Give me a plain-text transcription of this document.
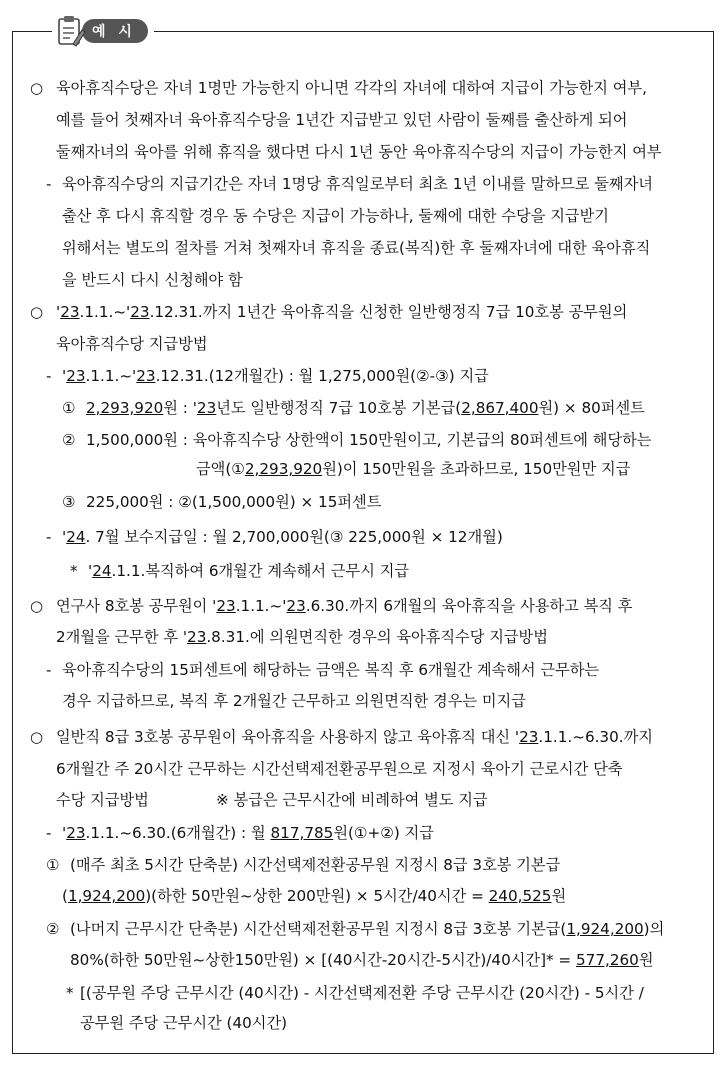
예 시
○ 육아휴직수당은 자녀 1명만 가능한지 아니면 각각의 자녀에 대하여 지급이 가능한지 여부,
예를 들어 첫째자녀 육아휴직수당을 1년간 지급받고 있던 사람이 둘째를 출산하게 되어
둘째자녀의 육아를 위해 휴직을 했다면 다시 1년 동안 육아휴직수당의 지급이 가능한지 여부
- 육아휴직수당의 지급기간은 자녀 1명당 휴직일로부터 최초 1년 이내를 말하므로 둘째자녀
출산 후 다시 휴직할 경우 동 수당은 지급이 가능하나, 둘째에 대한 수당을 지급받기
위해서는 별도의 절차를 거쳐 첫째자녀 휴직을 종료(복직)한 후 둘째자녀에 대한 육아휴직
을 반드시 다시 신청해야 함
○ '23.1.1.~'23.12.31.까지 1년간 육아휴직을 신청한 일반행정직 7급 10호봉 공무원의
육아휴직수당 지급방법
- '23.1.1.~'23.12.31.(12개월간) : 월 1,275,000원(②-③) 지급
① 2,293,920원 : '23년도 일반행정직 7급 10호봉 기본급(2,867,400원) × 80퍼센트
② 1,500,000원 : 육아휴직수당 상한액이 150만원이고, 기본급의 80퍼센트에 해당하는
금액(①2,293,920원)이 150만원을 초과하므로, 150만원만 지급
③ 225,000원 : ②(1,500,000원) × 15퍼센트
- '24. 7월 보수지급일 : 월 2,700,000원(③ 225,000원 × 12개월)
* '24.1.1.복직하여 6개월간 계속해서 근무시 지급
○ 연구사 8호봉 공무원이 '23.1.1.~'23.6.30.까지 6개월의 육아휴직을 사용하고 복직 후
2개월을 근무한 후 '23.8.31.에 의원면직한 경우의 육아휴직수당 지급방법
- 육아휴직수당의 15퍼센트에 해당하는 금액은 복직 후 6개월간 계속해서 근무하는
경우 지급하므로, 복직 후 2개월간 근무하고 의원면직한 경우는 미지급
○ 일반직 8급 3호봉 공무원이 육아휴직을 사용하지 않고 육아휴직 대신 '23.1.1.~6.30.까지
6개월간 주 20시간 근무하는 시간선택제전환공무원으로 지정시 육아기 근로시간 단축
수당 지급방법	※ 봉급은 근무시간에 비례하여 별도 지급
- '23.1.1.~6.30.(6개월간) : 월 817,785원(①+②) 지급
① (매주 최초 5시간 단축분) 시간선택제전환공무원 지정시 8급 3호봉 기본급
(1,924,200)(하한 50만원~상한 200만원) × 5시간/40시간 = 240,525원
② (나머지 근무시간 단축분) 시간선택제전환공무원 지정시 8급 3호봉 기본급(1,924,200)의
80%(하한 50만원~상한150만원) × [(40시간-20시간-5시간)/40시간]* = 577,260원
* [(공무원 주당 근무시간 (40시간) - 시간선택제전환 주당 근무시간 (20시간) - 5시간 /
공무원 주당 근무시간 (40시간)
